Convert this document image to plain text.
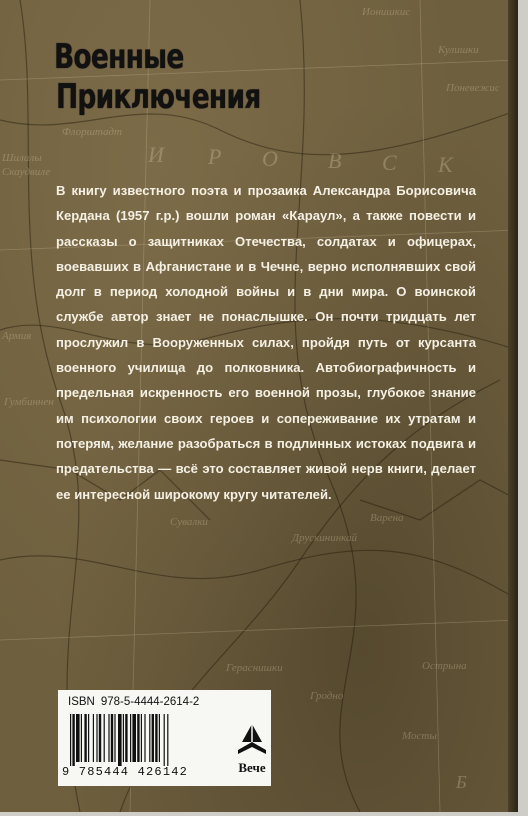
Кулишки
Флорштадт
Шилалы
Скаудвиле
Армия
Гумбиннен
Сувалки
Друскининкай
Гродно
Острына
Гераснишки
Варена
Мосты
Ионишкис
Поневежис
И Р О В С К
Б
Военные
Приключения
В книгу известного поэта и прозаика Александра Борисовича Кердана (1957 г.р.) вошли роман «Караул», а также повести и рассказы о защитниках Отечества, солдатах и офицерах, воевавших в Афганистане и в Чечне, верно исполнявших свой долг в период холодной войны и в дни мира. О воинской службе автор знает не понаслышке. Он почти тридцать лет прослужил в Вооруженных силах, пройдя путь от курсанта военного училища до полковника. Автобиографичность и предельная искренность его военной прозы, глубокое знание им психологии своих героев и сопереживание их утратам и потерям, желание разобраться в подлинных истоках подвига и предательства — всё это составляет живой нерв книги, делает ее интересной широкому кругу читателей.
ISBN 978-5-4444-2614-2
9 785444 426142	Вече
